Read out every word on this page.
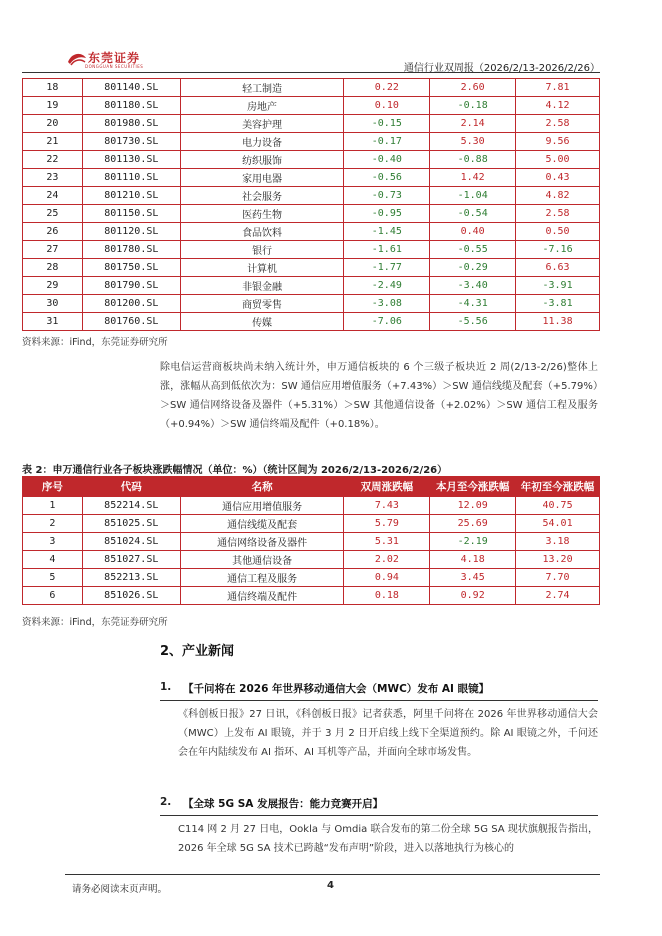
东莞证券
DONGGUAN SECURITIES	通信行业双周报（2026/2/13-2026/2/26）
18	801140.SL	轻工制造	0.22	2.60	7.81
19	801180.SL	房地产	0.10	-0.18	4.12
20	801980.SL	美容护理	-0.15	2.14	2.58
21	801730.SL	电力设备	-0.17	5.30	9.56
22	801130.SL	纺织服饰	-0.40	-0.88	5.00
23	801110.SL	家用电器	-0.56	1.42	0.43
24	801210.SL	社会服务	-0.73	-1.04	4.82
25	801150.SL	医药生物	-0.95	-0.54	2.58
26	801120.SL	食品饮料	-1.45	0.40	0.50
27	801780.SL	银行	-1.61	-0.55	-7.16
28	801750.SL	计算机	-1.77	-0.29	6.63
29	801790.SL	非银金融	-2.49	-3.40	-3.91
30	801200.SL	商贸零售	-3.08	-4.31	-3.81
31	801760.SL	传媒	-7.06	-5.56	11.38
资料来源：iFind，东莞证券研究所
除电信运营商板块尚未纳入统计外，申万通信板块的 6 个三级子板块近 2 周(2/13-2/26)整体上涨，涨幅从高到低依次为：SW 通信应用增值服务（+7.43%）＞SW 通信线缆及配套（+5.79%）＞SW 通信网络设备及器件（+5.31%）＞SW 其他通信设备（+2.02%）＞SW 通信工程及服务（+0.94%）＞SW 通信终端及配件（+0.18%）。
表 2：申万通信行业各子板块涨跌幅情况（单位：%）（统计区间为 2026/2/13-2026/2/26）
序号	代码	名称	双周涨跌幅	本月至今涨跌幅	年初至今涨跌幅
1	852214.SL	通信应用增值服务	7.43	12.09	40.75
2	851025.SL	通信线缆及配套	5.79	25.69	54.01
3	851024.SL	通信网络设备及器件	5.31	-2.19	3.18
4	851027.SL	其他通信设备	2.02	4.18	13.20
5	852213.SL	通信工程及服务	0.94	3.45	7.70
6	851026.SL	通信终端及配件	0.18	0.92	2.74
资料来源：iFind，东莞证券研究所
2、产业新闻
1. 【千问将在 2026 年世界移动通信大会（MWC）发布 AI 眼镜】
《科创板日报》27 日讯，《科创板日报》记者获悉，阿里千问将在 2026 年世界移动通信大会（MWC）上发布 AI 眼镜，并于 3 月 2 日开启线上线下全渠道预约。除 AI 眼镜之外，千问还会在年内陆续发布 AI 指环、AI 耳机等产品，并面向全球市场发售。
2. 【全球 5G SA 发展报告：能力竞赛开启】
C114 网 2 月 27 日电，Ookla 与 Omdia 联合发布的第二份全球 5G SA 现状旗舰报告指出，2026 年全球 5G SA 技术已跨越“发布声明”阶段，进入以落地执行为核心的
请务必阅读末页声明。	4
